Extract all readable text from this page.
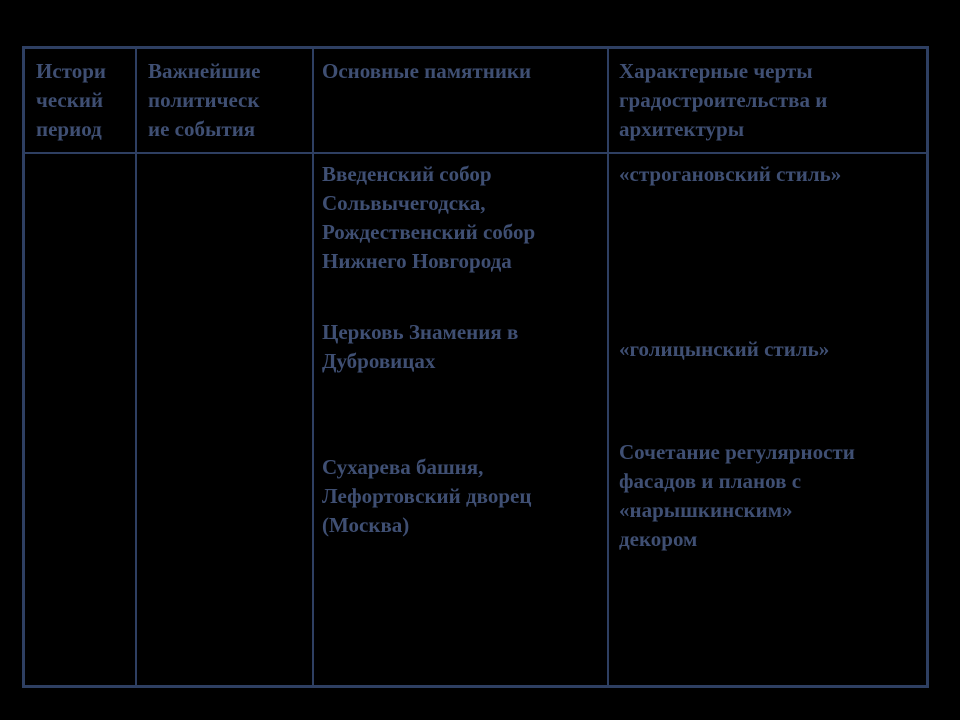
Истори
ческий
период

Важнейшие
политическ
ие события

Основные памятники	Характерные черты
градостроительства и
архитектуры

Введенский собор
Сольвычегодска,
Рождественский собор
Нижнего Новгорода

Церковь Знамения в
Дубровицах

Сухарева башня,
Лефортовский дворец
(Москва)

«строгановский стиль»

«голицынский стиль»

Сочетание регулярности
фасадов и планов с
«нарышкинским»
декором
